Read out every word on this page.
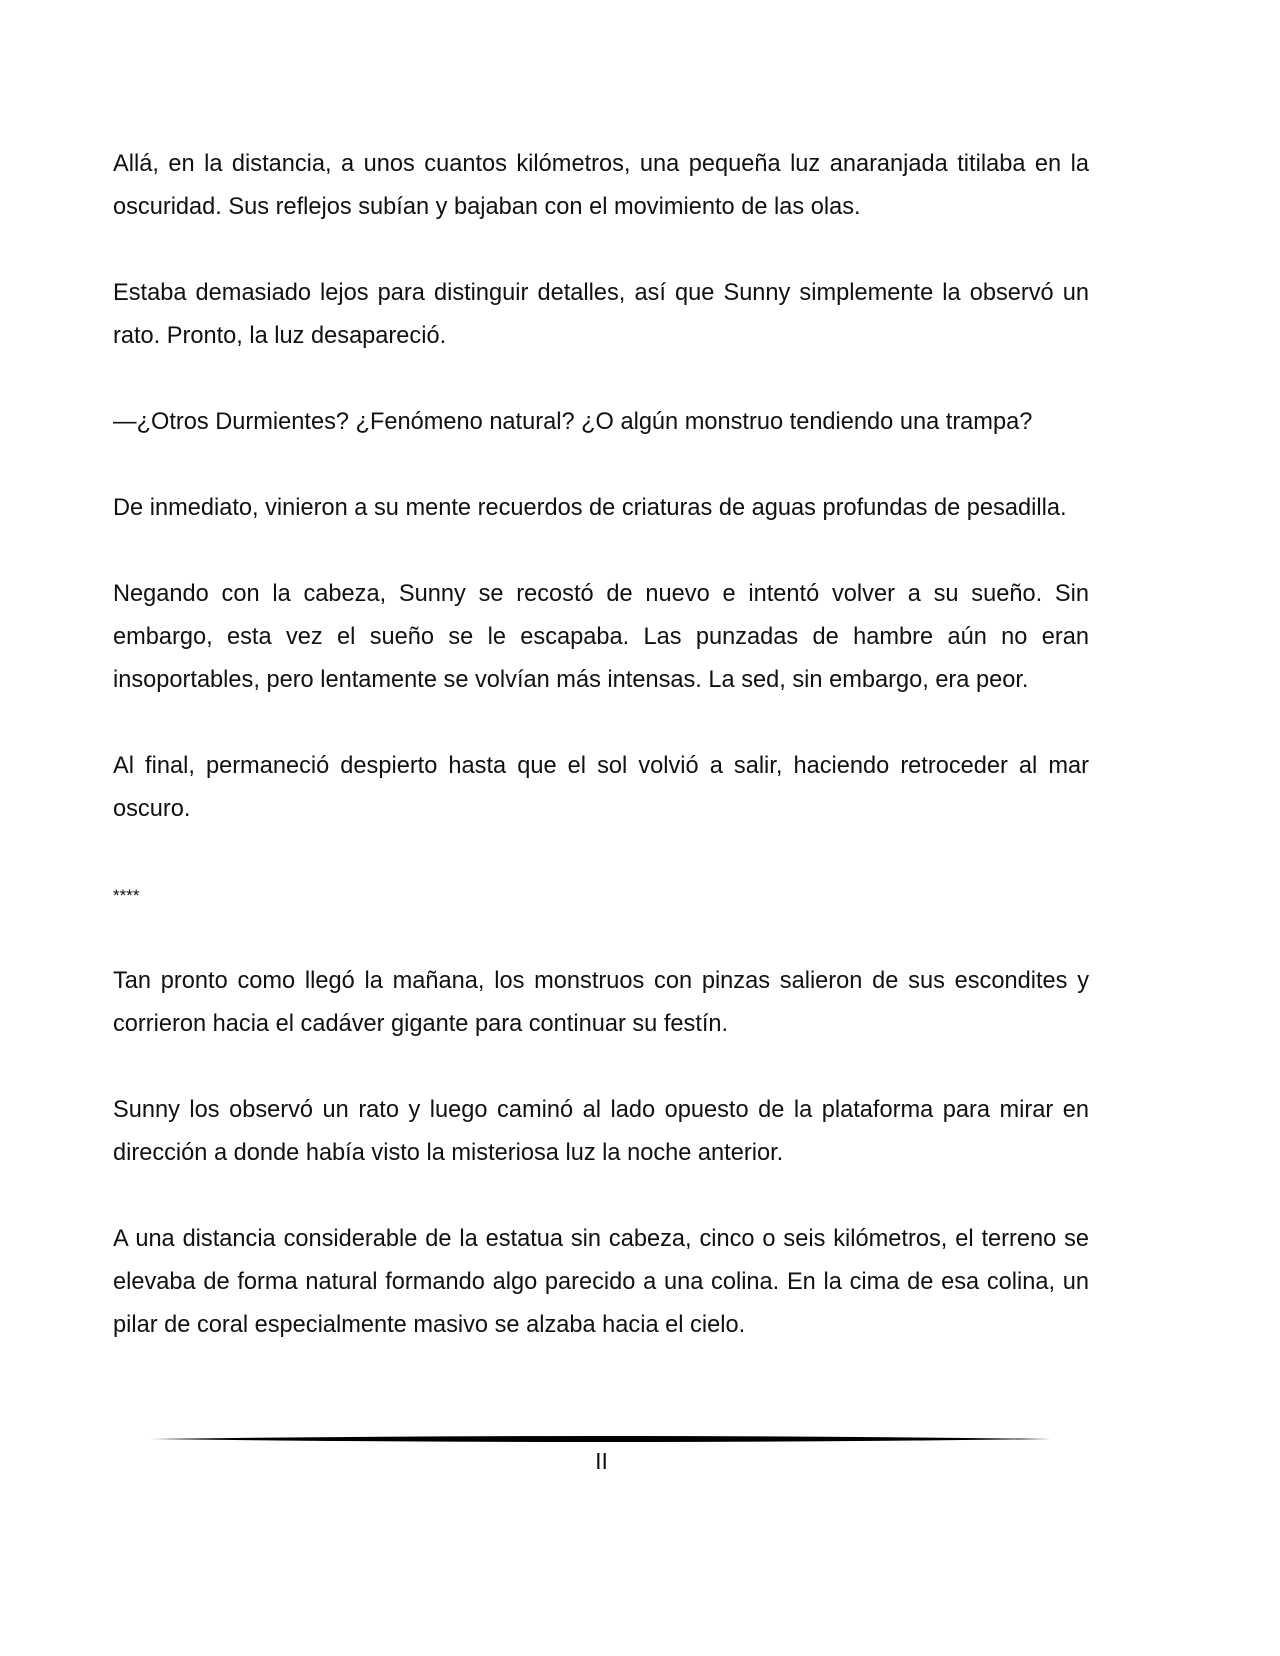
Allá, en la distancia, a unos cuantos kilómetros, una pequeña luz anaranjada titilaba en la oscuridad. Sus reflejos subían y bajaban con el movimiento de las olas.

Estaba demasiado lejos para distinguir detalles, así que Sunny simplemente la observó un rato. Pronto, la luz desapareció.

—¿Otros Durmientes? ¿Fenómeno natural? ¿O algún monstruo tendiendo una trampa?

De inmediato, vinieron a su mente recuerdos de criaturas de aguas profundas de pesadilla.

Negando con la cabeza, Sunny se recostó de nuevo e intentó volver a su sueño. Sin embargo, esta vez el sueño se le escapaba. Las punzadas de hambre aún no eran insoportables, pero lentamente se volvían más intensas. La sed, sin embargo, era peor.

Al final, permaneció despierto hasta que el sol volvió a salir, haciendo retroceder al mar oscuro.

****

Tan pronto como llegó la mañana, los monstruos con pinzas salieron de sus escondites y corrieron hacia el cadáver gigante para continuar su festín.

Sunny los observó un rato y luego caminó al lado opuesto de la plataforma para mirar en dirección a donde había visto la misteriosa luz la noche anterior.

A una distancia considerable de la estatua sin cabeza, cinco o seis kilómetros, el terreno se elevaba de forma natural formando algo parecido a una colina. En la cima de esa colina, un pilar de coral especialmente masivo se alzaba hacia el cielo.

II
